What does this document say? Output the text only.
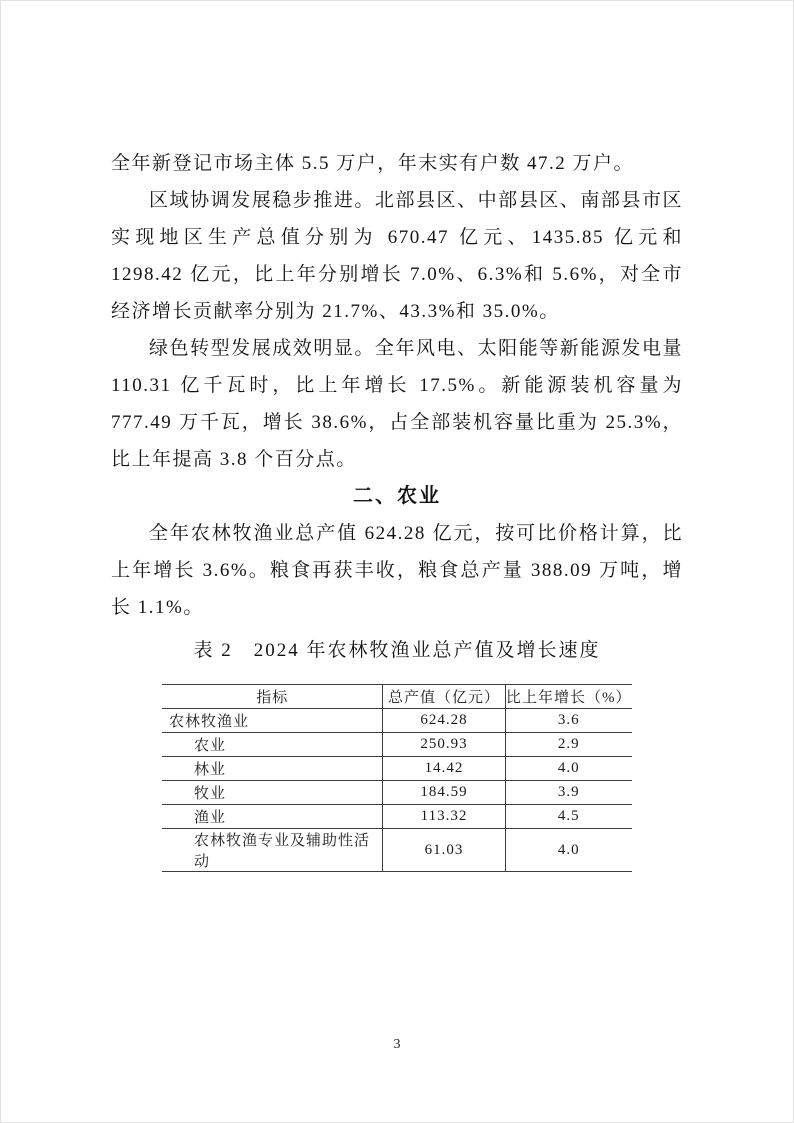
全年新登记市场主体 5.5 万户，年末实有户数 47.2 万户。

区域协调发展稳步推进。北部县区、中部县区、南部县市区实现地区生产总值分别为 670.47 亿元、1435.85 亿元和 1298.42 亿元，比上年分别增长 7.0%、6.3%和 5.6%，对全市经济增长贡献率分别为 21.7%、43.3%和 35.0%。

绿色转型发展成效明显。全年风电、太阳能等新能源发电量 110.31 亿千瓦时，比上年增长 17.5%。新能源装机容量为 777.49 万千瓦，增长 38.6%，占全部装机容量比重为 25.3%，比上年提高 3.8 个百分点。

二、农业

全年农林牧渔业总产值 624.28 亿元，按可比价格计算，比上年增长 3.6%。粮食再获丰收，粮食总产量 388.09 万吨，增长 1.1%。

表 2　2024 年农林牧渔业总产值及增长速度
指标	总产值（亿元）	比上年增长（%）
农林牧渔业	624.28	3.6
农业	250.93	2.9
林业	14.42	4.0
牧业	184.59	3.9
渔业	113.32	4.5
农林牧渔专业及辅助性活动	61.03	4.0
3
